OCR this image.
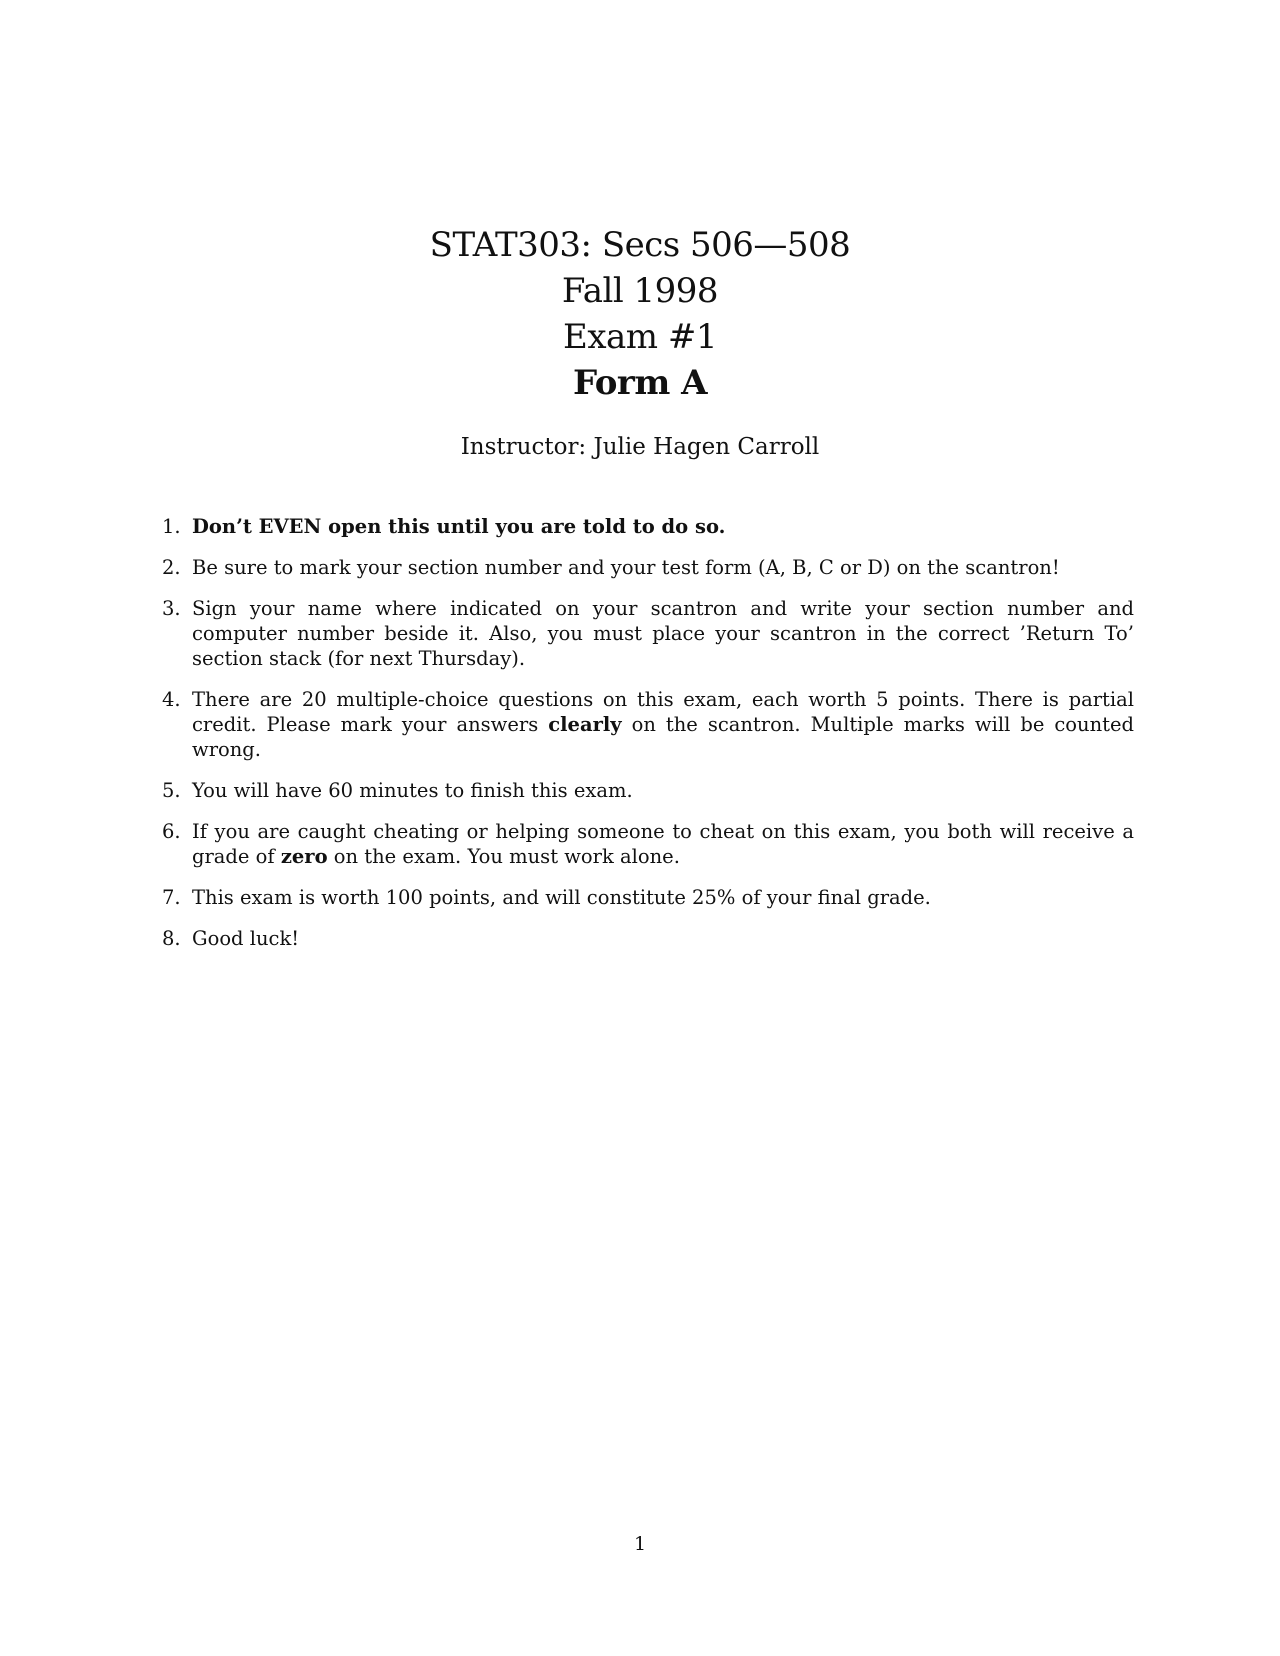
STAT303: Secs 506—508
Fall 1998
Exam #1
Form A
Instructor: Julie Hagen Carroll
1. Don’t EVEN open this until you are told to do so.
2. Be sure to mark your section number and your test form (A, B, C or D) on the scantron!
3. Sign your name where indicated on your scantron and write your section number and computer number beside it. Also, you must place your scantron in the correct ’Return To’ section stack (for next Thursday).
4. There are 20 multiple-choice questions on this exam, each worth 5 points. There is partial credit. Please mark your answers clearly on the scantron. Multiple marks will be counted wrong.
5. You will have 60 minutes to finish this exam.
6. If you are caught cheating or helping someone to cheat on this exam, you both will receive a grade of zero on the exam. You must work alone.
7. This exam is worth 100 points, and will constitute 25% of your final grade.
8. Good luck!
1
